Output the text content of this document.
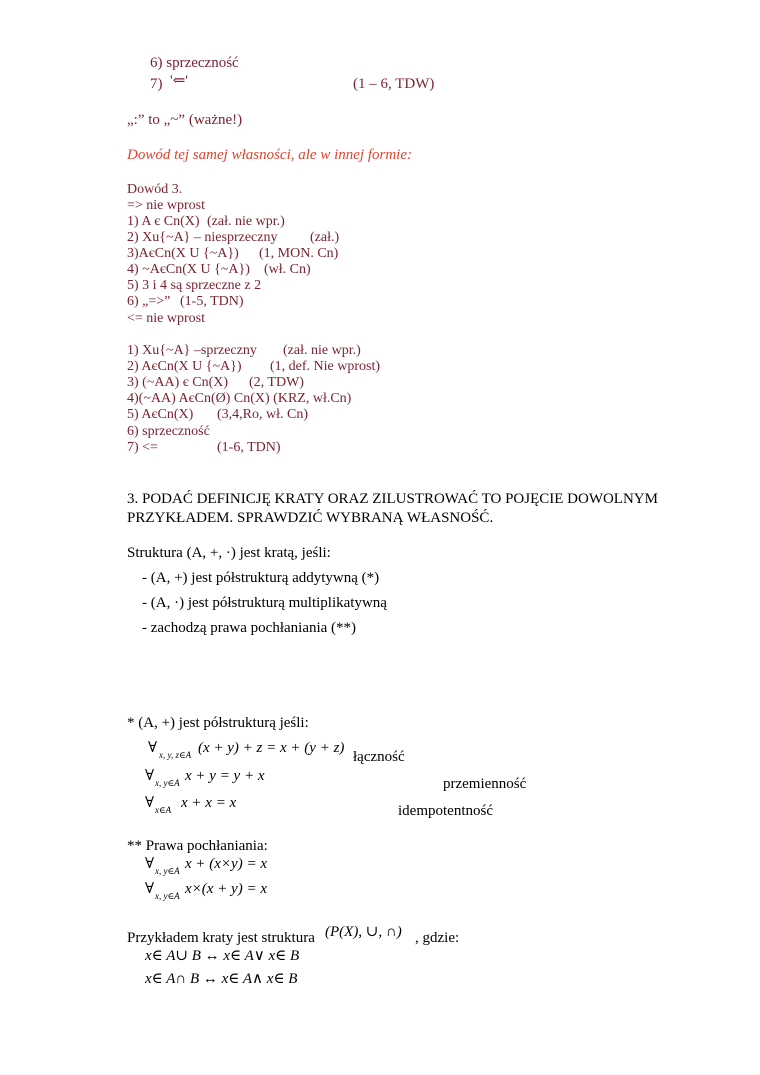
6) sprzeczność
7) '⇐'	(1 – 6, TDW)
„:” to „~” (ważne!)
Dowód tej samej własności, ale w innej formie:
Dowód 3.
=> nie wprost
1) A є Cn(X) (zał. nie wpr.)
2) Xu{~A} – niesprzeczny (zał.)
3)AєCn(X U {~A}) (1, MON. Cn)
4) ~AєCn(X U {~A}) (wł. Cn)
5) 3 i 4 są sprzeczne z 2
6) „=>” (1-5, TDN)
<= nie wprost
1) Xu{~A} –sprzeczny (zał. nie wpr.)
2) AєCn(X U {~A}) (1, def. Nie wprost)
3) (~AA) є Cn(X) (2, TDW)
4)(~AA) AєCn(Ø) Cn(X) (KRZ, wł.Cn)
5) AєCn(X) (3,4,Ro, wł. Cn)
6) sprzeczność
7) <=	(1-6, TDN)
3. PODAĆ DEFINICJĘ KRATY ORAZ ZILUSTROWAĆ TO POJĘCIE DOWOLNYM
PRZYKŁADEM. SPRAWDZIĆ WYBRANĄ WŁASNOŚĆ.
Struktura (A, +, ·) jest kratą, jeśli:
- (A, +) jest półstrukturą addytywną (*)
- (A, ·) jest półstrukturą multiplikatywną
- zachodzą prawa pochłaniania (**)
* (A, +) jest półstrukturą jeśli:
∀ x, y, z∈A (x + y) + z = x + (y + z)
∀ x, y∈A x + y = y + x
∀ x∈A x + x = x
łączność
przemienność
idempotentność
** Prawa pochłaniania:
∀ x, y∈A x + (x×y) = x
∀ x, y∈A x×(x + y) = x
Przykładem kraty jest struktura (P(X), ∪, ∩) , gdzie:
x∈ A∪ B ↔ x∈ A∨ x∈ B
x∈ A∩ B ↔ x∈ A∧ x∈ B
